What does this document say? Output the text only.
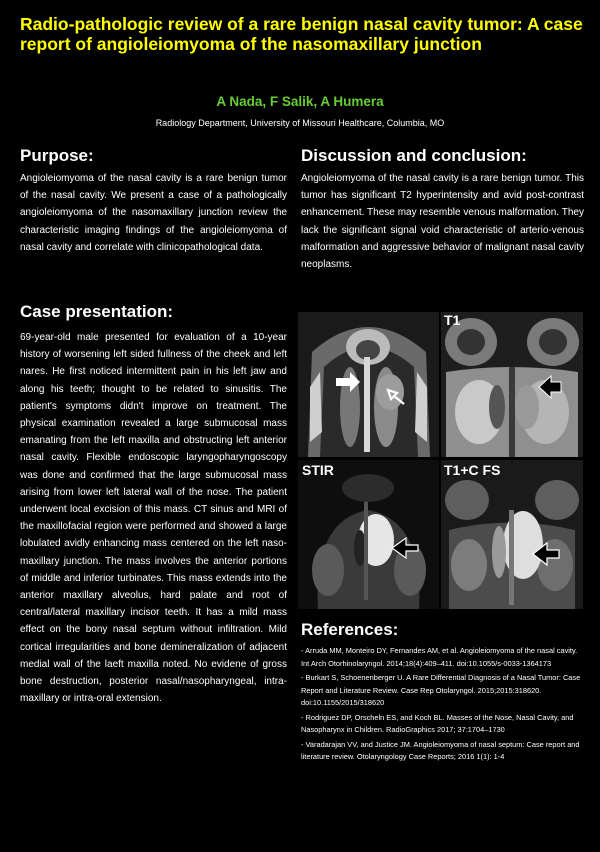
Radio-pathologic review of a rare benign nasal cavity tumor: A case report of angioleiomyoma of the nasomaxillary junction
A Nada, F Salik, A Humera
Radiology Department, University of Missouri Healthcare, Columbia, MO
Purpose:

Angioleiomyoma of the nasal cavity is a rare benign tumor of the nasal cavity. We present a case of a pathologically angioleiomyoma of the nasomaxillary junction review the characteristic imaging findings of the angioleiomyoma of nasal cavity and correlate with clinicopathological data.

Case presentation:

69-year-old male presented for evaluation of a 10-year history of worsening left sided fullness of the cheek and left nares. He first noticed intermittent pain in his left jaw and along his teeth; thought to be related to sinusitis. The patient's symptoms didn't improve on treatment. The physical examination revealed a large submucosal mass emanating from the left maxilla and obstructing left anterior nasal cavity. Flexible endoscopic laryngopharyngoscopy was done and confirmed that the large submucosal mass arising from lower left lateral wall of the nose. The patient underwent local excision of this mass. CT sinus and MRI of the maxillofacial region were performed and showed a large lobulated avidly enhancing mass centered on the left naso-maxillary junction. The mass involves the anterior portions of middle and inferior turbinates. This mass extends into the anterior maxillary alveolus, hard palate and root of central/lateral maxillary incisor teeth. It has a mild mass effect on the bony nasal septum without infiltration. Mild cortical irregularities and bone demineralization of adjacent medial wall of the laeft maxilla noted. No evidene of gross bone destruction, posterior nasal/nasopharyngeal, intra-maxillary or intra-oral extension.

Discussion and conclusion:

Angioleiomyoma of the nasal cavity is a rare benign tumor. This tumor has significant T2 hyperintensity and avid post-contrast enhancement. These may resemble venous malformation. They lack the significant signal void characteristic of arterio-venous malformation and aggressive behavior of malignant nasal cavity neoplasms.

T1
STIR	T1+C FS
References:

- Arruda MM, Monteiro DY, Fernandes AM, et al. Angioleiomyoma of the nasal cavity. Int Arch Otorhinolaryngol. 2014;18(4):409–411. doi:10.1055/s-0033-1364173

- Burkart S, Schoenenberger U. A Rare Differential Diagnosis of a Nasal Tumor: Case Report and Literature Review. Case Rep Otolaryngol. 2015;2015:318620. doi:10.1155/2015/318620

- Rodriguez DP, Orscheln ES, and Koch BL. Masses of the Nose, Nasal Cavity, and Nasopharynx in Children. RadioGraphics 2017; 37:1704–1730

- Varadarajan VV, and Justice JM. Angioleiomyoma of nasal septum: Case report and literature review. Otolaryngology Case Reports; 2016 1(1): 1-4
